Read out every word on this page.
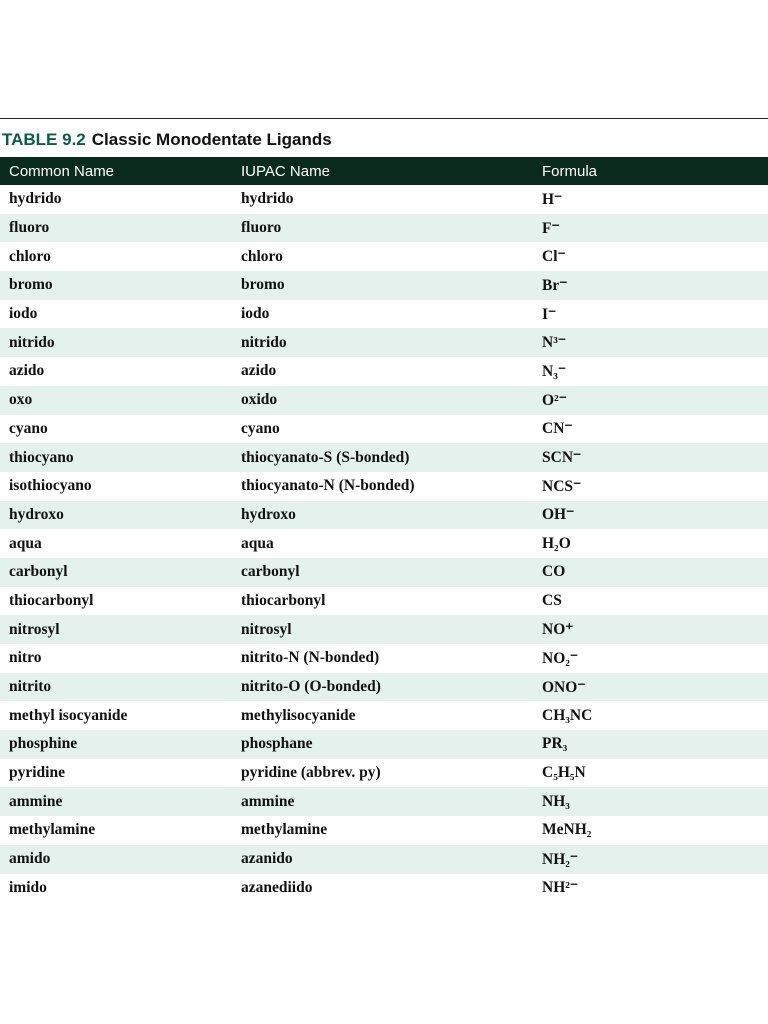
TABLE 9.2 Classic Monodentate Ligands
Common Name	IUPAC Name	Formula
hydrido	hydrido	H⁻
fluoro	fluoro	F⁻
chloro	chloro	Cl⁻
bromo	bromo	Br⁻
iodo	iodo	I⁻
nitrido	nitrido	N³⁻
azido	azido	N₃⁻
oxo	oxido	O²⁻
cyano	cyano	CN⁻
thiocyano	thiocyanato-S (S-bonded)	SCN⁻
isothiocyano	thiocyanato-N (N-bonded)	NCS⁻
hydroxo	hydroxo	OH⁻
aqua	aqua	H₂O
carbonyl	carbonyl	CO
thiocarbonyl	thiocarbonyl	CS
nitrosyl	nitrosyl	NO⁺
nitro	nitrito-N (N-bonded)	NO₂⁻
nitrito	nitrito-O (O-bonded)	ONO⁻
methyl isocyanide	methylisocyanide	CH₃NC
phosphine	phosphane	PR₃
pyridine	pyridine (abbrev. py)	C₅H₅N
ammine	ammine	NH₃
methylamine	methylamine	MeNH₂
amido	azanido	NH₂⁻
imido	azanediido	NH²⁻
